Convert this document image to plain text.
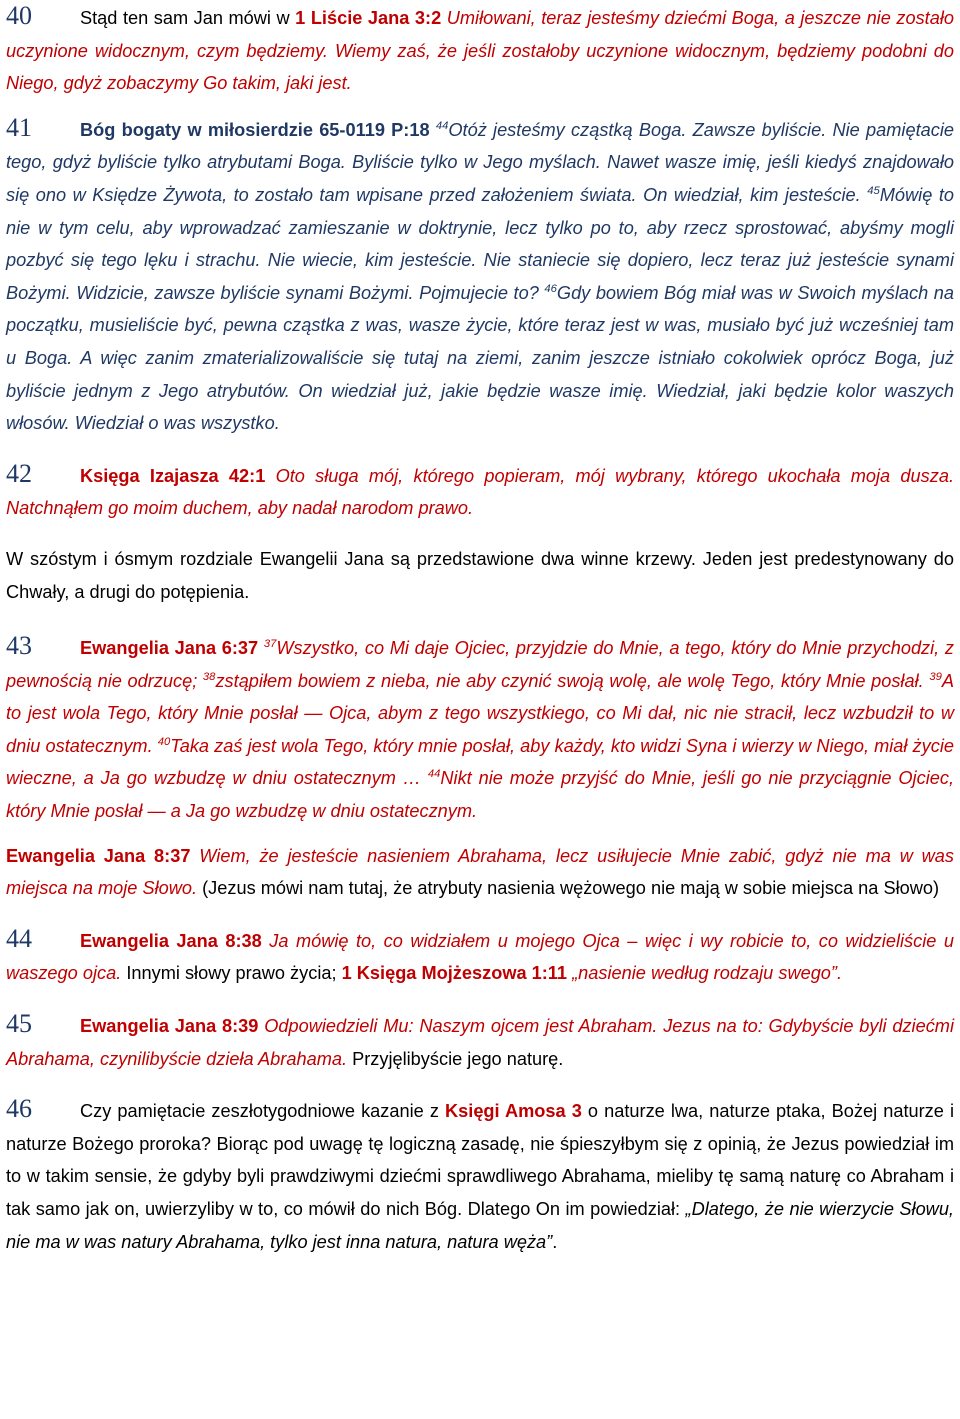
40	Stąd ten sam Jan mówi w 1 Liście Jana 3:2 Umiłowani, teraz jesteśmy dziećmi Boga, a jeszcze nie zostało uczynione widocznym, czym będziemy. Wiemy zaś, że jeśli zostałoby uczynione widocznym, będziemy podobni do Niego, gdyż zobaczymy Go takim, jaki jest.

41	Bóg bogaty w miłosierdzie 65-0119 P:18 $^{44}$Otóż jesteśmy cząstką Boga. Zawsze byliście. Nie pamiętacie tego, gdyż byliście tylko atrybutami Boga. Byliście tylko w Jego myślach. Nawet wasze imię, jeśli kiedyś znajdowało się ono w Księdze Żywota, to zostało tam wpisane przed założeniem świata. On wiedział, kim jesteście. $^{45}$Mówię to nie w tym celu, aby wprowadzać zamieszanie w doktrynie, lecz tylko po to, aby rzecz sprostować, abyśmy mogli pozbyć się tego lęku i strachu. Nie wiecie, kim jesteście. Nie staniecie się dopiero, lecz teraz już jesteście synami Bożymi. Widzicie, zawsze byliście synami Bożymi. Pojmujecie to? $^{46}$Gdy bowiem Bóg miał was w Swoich myślach na początku, musieliście być, pewna cząstka z was, wasze życie, które teraz jest w was, musiało być już wcześniej tam u Boga. A więc zanim zmaterializowaliście się tutaj na ziemi, zanim jeszcze istniało cokolwiek oprócz Boga, już byliście jednym z Jego atrybutów. On wiedział już, jakie będzie wasze imię. Wiedział, jaki będzie kolor waszych włosów. Wiedział o was wszystko.

42	Księga Izajasza 42:1 Oto sługa mój, którego popieram, mój wybrany, którego ukochała moja dusza. Natchnąłem go moim duchem, aby nadał narodom prawo.

W szóstym i ósmym rozdziale Ewangelii Jana są przedstawione dwa winne krzewy. Jeden jest predestynowany do Chwały, a drugi do potępienia.

43	Ewangelia Jana 6:37 $^{37}$Wszystko, co Mi daje Ojciec, przyjdzie do Mnie, a tego, który do Mnie przychodzi, z pewnością nie odrzucę; $^{38}$zstąpiłem bowiem z nieba, nie aby czynić swoją wolę, ale wolę Tego, który Mnie posłał. $^{39}$A to jest wola Tego, który Mnie posłał — Ojca, abym z tego wszystkiego, co Mi dał, nic nie stracił, lecz wzbudził to w dniu ostatecznym. $^{40}$Taka zaś jest wola Tego, który mnie posłał, aby każdy, kto widzi Syna i wierzy w Niego, miał życie wieczne, a Ja go wzbudzę w dniu ostatecznym … $^{44}$Nikt nie może przyjść do Mnie, jeśli go nie przyciągnie Ojciec, który Mnie posłał — a Ja go wzbudzę w dniu ostatecznym.

Ewangelia Jana 8:37 Wiem, że jesteście nasieniem Abrahama, lecz usiłujecie Mnie zabić, gdyż nie ma w was miejsca na moje Słowo. (Jezus mówi nam tutaj, że atrybuty nasienia wężowego nie mają w sobie miejsca na Słowo)

44	Ewangelia Jana 8:38 Ja mówię to, co widziałem u mojego Ojca – więc i wy robicie to, co widzieliście u waszego ojca. Innymi słowy prawo życia; 1 Księga Mojżeszowa 1:11 „nasienie według rodzaju swego”.

45	Ewangelia Jana 8:39 Odpowiedzieli Mu: Naszym ojcem jest Abraham. Jezus na to: Gdybyście byli dziećmi Abrahama, czynilibyście dzieła Abrahama. Przyjęlibyście jego naturę.

46	Czy pamiętacie zeszłotygodniowe kazanie z Księgi Amosa 3 o naturze lwa, naturze ptaka, Bożej naturze i naturze Bożego proroka? Biorąc pod uwagę tę logiczną zasadę, nie śpieszyłbym się z opinią, że Jezus powiedział im to w takim sensie, że gdyby byli prawdziwymi dziećmi sprawdliwego Abrahama, mieliby tę samą naturę co Abraham i tak samo jak on, uwierzyliby w to, co mówił do nich Bóg. Dlatego On im powiedział: „Dlatego, że nie wierzycie Słowu, nie ma w was natury Abrahama, tylko jest inna natura, natura węża”.
